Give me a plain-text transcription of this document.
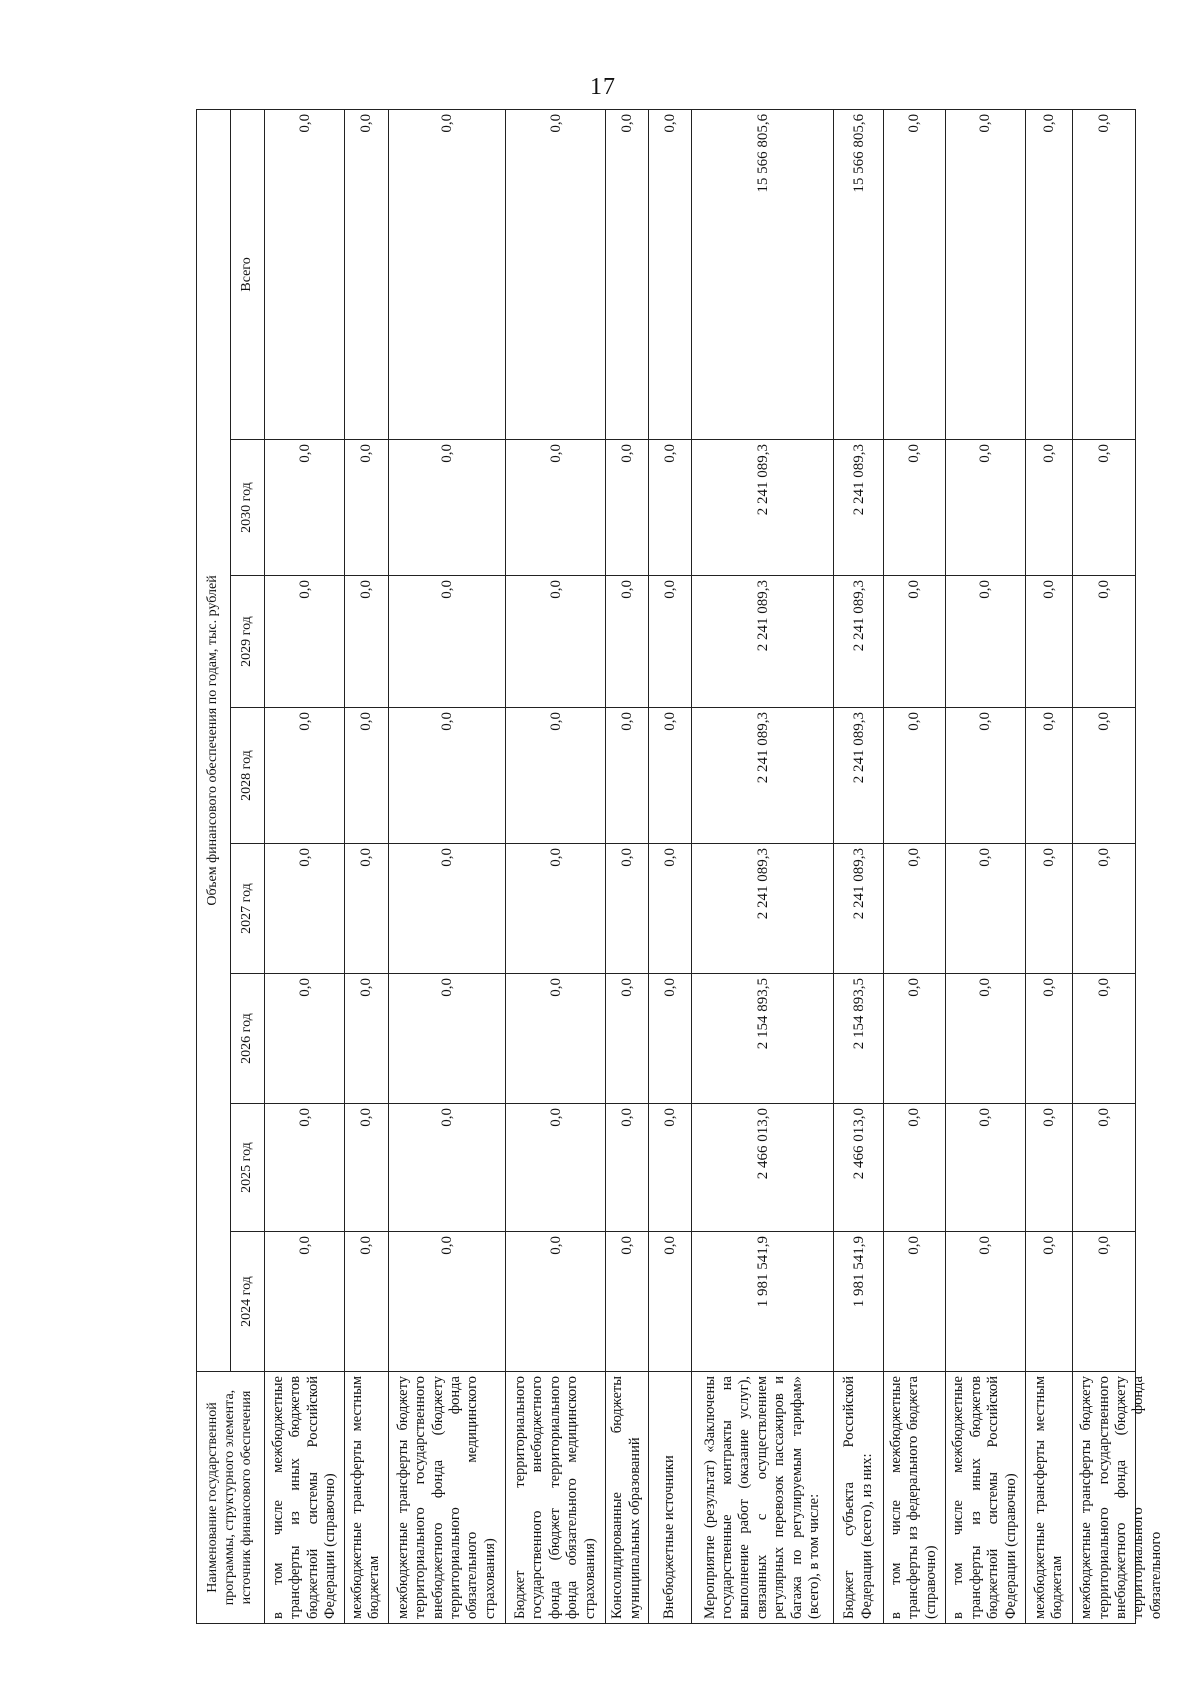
17
Наименование государственной программы, структурного элемента, источник финансового обеспечения	Объем финансового обеспечения по годам, тыс. рублей							
	2024 год	2025 год	2026 год	2027 год	2028 год	2029 год	2030 год	Всего
в том числе межбюджетные трансферты из иных бюджетов бюджетной системы Российской Федерации (справочно)	0,0	0,0	0,0	0,0	0,0	0,0	0,0	0,0
межбюджетные трансферты местным бюджетам	0,0	0,0	0,0	0,0	0,0	0,0	0,0	0,0
межбюджетные трансферты бюджету территориального государственного внебюджетного фонда (бюджету территориального фонда обязательного медицинского страхования)	0,0	0,0	0,0	0,0	0,0	0,0	0,0	0,0
Бюджет территориального государственного внебюджетного фонда (бюджет территориального фонда обязательного медицинского страхования)	0,0	0,0	0,0	0,0	0,0	0,0	0,0	0,0
Консолидированные бюджеты муниципальных образований	0,0	0,0	0,0	0,0	0,0	0,0	0,0	0,0
Внебюджетные источники	0,0	0,0	0,0	0,0	0,0	0,0	0,0	0,0
Мероприятие (результат) «Заключены государственные контракты на выполнение работ (оказание услуг), связанных с осуществлением регулярных перевозок пассажиров и багажа по регулируемым тарифам» (всего), в том числе:	1 981 541,9	2 466 013,0	2 154 893,5	2 241 089,3	2 241 089,3	2 241 089,3	2 241 089,3	15 566 805,6
Бюджет субъекта Российской Федерации (всего), из них:	1 981 541,9	2 466 013,0	2 154 893,5	2 241 089,3	2 241 089,3	2 241 089,3	2 241 089,3	15 566 805,6
в том числе межбюджетные трансферты из федерального бюджета (справочно)	0,0	0,0	0,0	0,0	0,0	0,0	0,0	0,0
в том числе межбюджетные трансферты из иных бюджетов бюджетной системы Российской Федерации (справочно)	0,0	0,0	0,0	0,0	0,0	0,0	0,0	0,0
межбюджетные трансферты местным бюджетам	0,0	0,0	0,0	0,0	0,0	0,0	0,0	0,0

межбюджетные трансферты бюджету территориального государственного внебюджетного фонда (бюджету территориального фонда обязательного	0,0	0,0	0,0	0,0	0,0	0,0	0,0	0,0
